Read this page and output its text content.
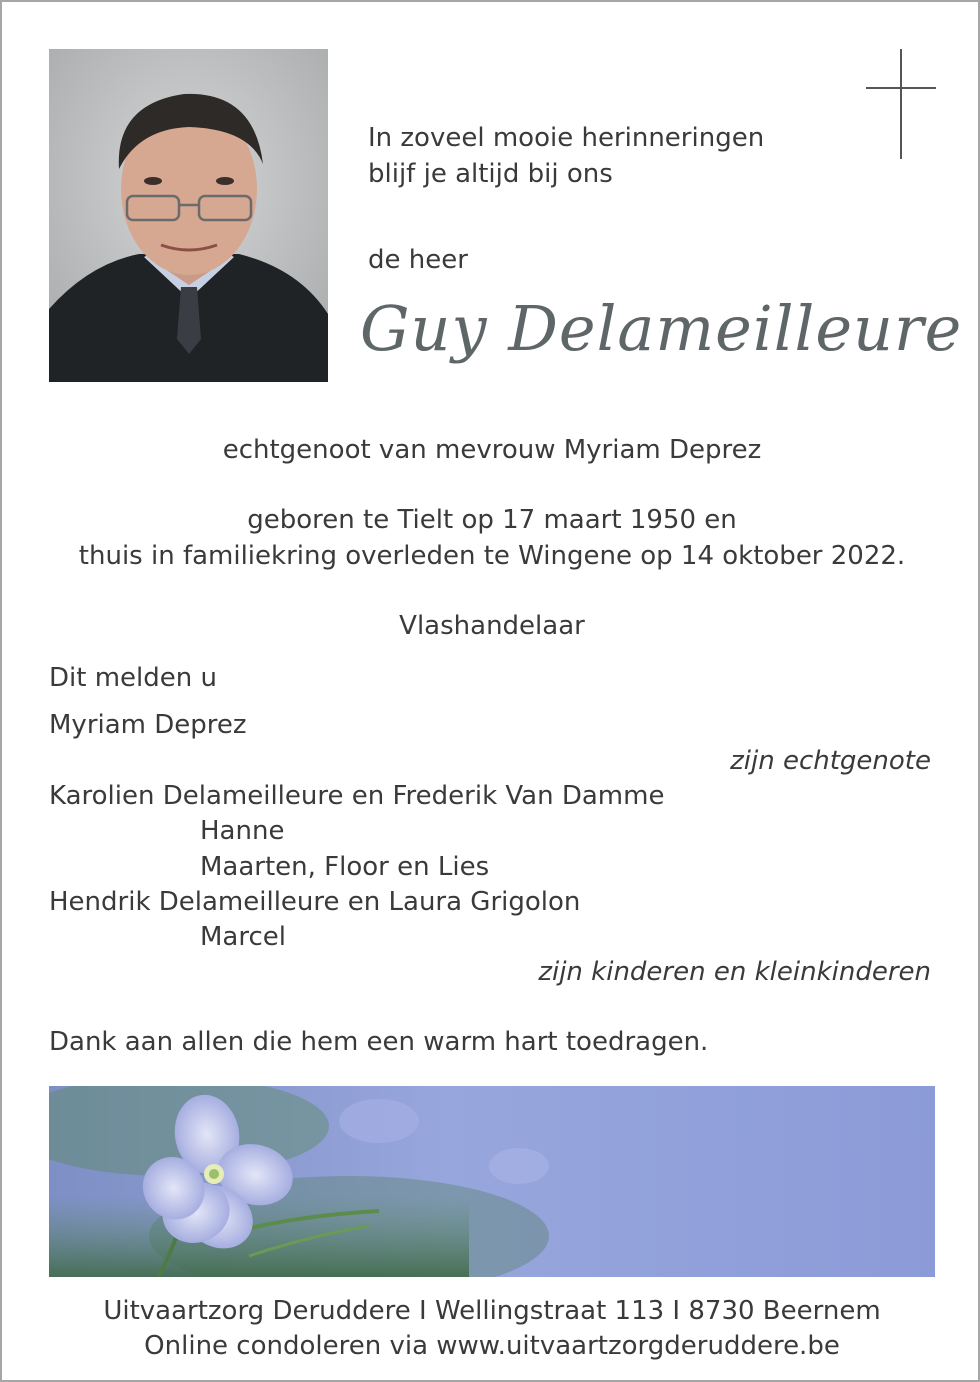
In zoveel mooie herinneringen
blijf je altijd bij ons
de heer
Guy Delameilleure
echtgenoot van mevrouw Myriam Deprez
geboren te Tielt op 17 maart 1950 en
thuis in familiekring overleden te Wingene op 14 oktober 2022.
Vlashandelaar
Dit melden u
Myriam Deprez
zijn echtgenote
Karolien Delameilleure en Frederik Van Damme
Hanne
Maarten, Floor en Lies
Hendrik Delameilleure en Laura Grigolon
Marcel
zijn kinderen en kleinkinderen
Dank aan allen die hem een warm hart toedragen.
Uitvaartzorg Deruddere I Wellingstraat 113 I 8730 Beernem
Online condoleren via www.uitvaartzorgderuddere.be
